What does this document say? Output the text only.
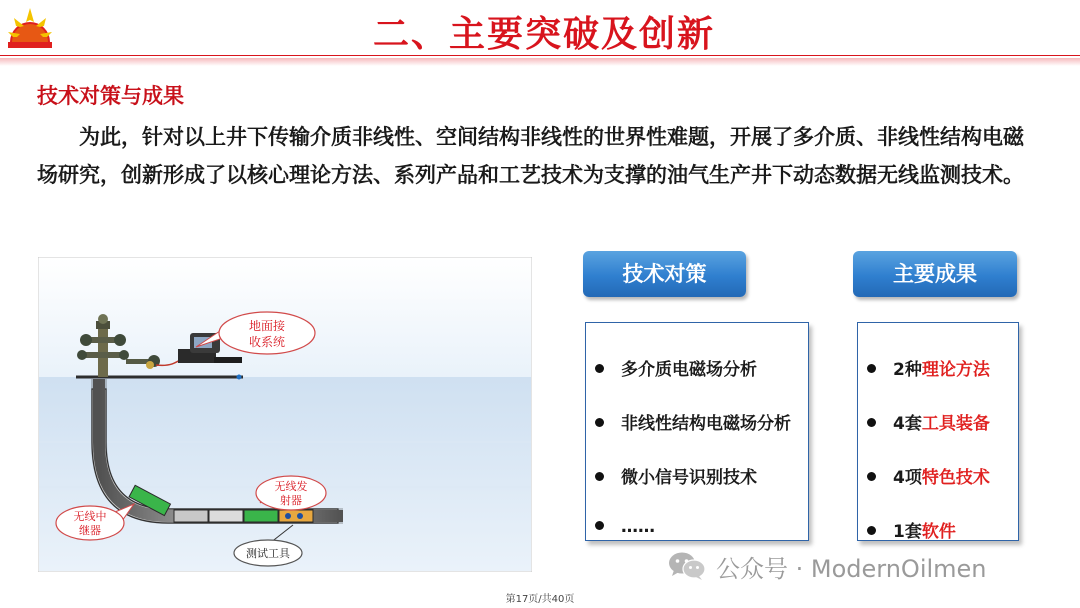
二、主要突破及创新
技术对策与成果
为此，针对以上井下传输介质非线性、空间结构非线性的世界性难题，开展了多介质、非线性结构电磁场研究，创新形成了以核心理论方法、系列产品和工艺技术为支撑的油气生产井下动态数据无线监测技术。
地面接
收系统
无线发
射器
无线中
继器
测试工具
技术对策
多介质电磁场分析
非线性结构电磁场分析
微小信号识别技术
……
主要成果
2种理论方法
4套工具装备
4项特色技术
1套软件
公众号 · ModernOilmen
第17页/共40页
